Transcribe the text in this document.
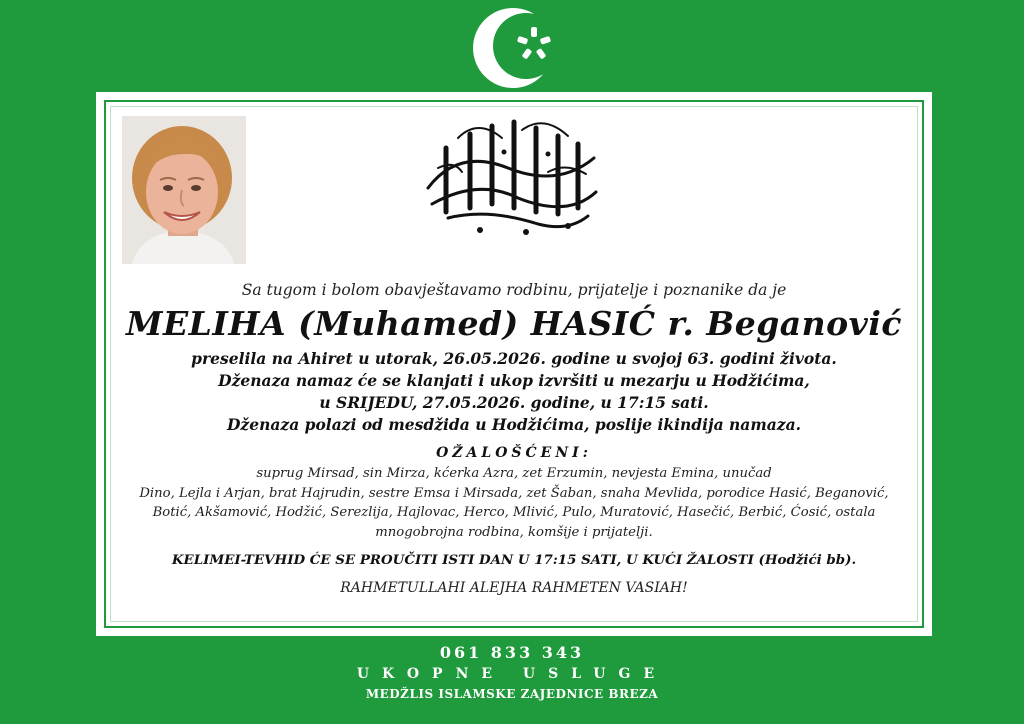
Sa tugom i bolom obavještavamo rodbinu, prijatelje i poznanike da je

MELIHA (Muhamed) HASIĆ r. Beganović

preselila na Ahiret u utorak, 26.05.2026. godine u svojoj 63. godini života.

Dženaza namaz će se klanjati i ukop izvršiti u mezarju u Hodžićima,

u SRIJEDU, 27.05.2026. godine, u 17:15 sati.

Dženaza polazi od mesdžida u Hodžićima, poslije ikindija namaza.

OŽALOŠĆENI:

suprug Mirsad, sin Mirza, kćerka Azra, zet Erzumin, nevjesta Emina, unučad

Dino, Lejla i Arjan, brat Hajrudin, sestre Emsa i Mirsada, zet Šaban, snaha Mevlida, porodice Hasić, Beganović,

Botić, Akšamović, Hodžić, Serezlija, Hajlovac, Herco, Mlivić, Pulo, Muratović, Hasečić, Berbić, Ćosić, ostala

mnogobrojna rodbina, komšije i prijatelji.

KELIMEI-TEVHID ĆE SE PROUČITI ISTI DAN U 17:15 SATI, U KUĆI ŽALOSTI (Hodžići bb).

RAHMETULLAHI ALEJHA RAHMETEN VASIAH!

061 833 343
UKOPNE USLUGE
MEDŽLIS ISLAMSKE ZAJEDNICE BREZA
